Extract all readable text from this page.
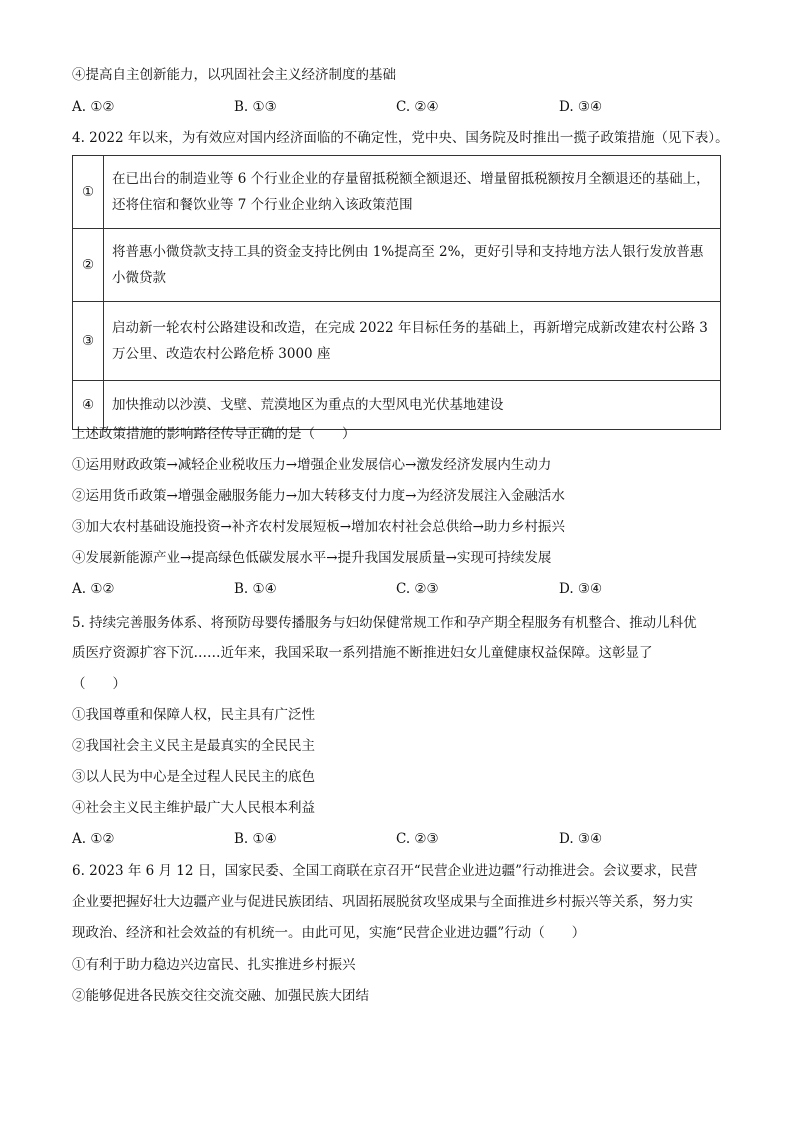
④提高自主创新能力，以巩固社会主义经济制度的基础
A. ①②	B. ①③	C. ②④	D. ③④
4. 2022 年以来，为有效应对国内经济面临的不确定性，党中央、国务院及时推出一揽子政策措施（见下表）。
①	在已出台的制造业等 6 个行业企业的存量留抵税额全额退还、增量留抵税额按月全额退还的基础上，还将住宿和餐饮业等 7 个行业企业纳入该政策范围
②	将普惠小微贷款支持工具的资金支持比例由 1%提高至 2%，更好引导和支持地方法人银行发放普惠小微贷款
③	启动新一轮农村公路建设和改造，在完成 2022 年目标任务的基础上，再新增完成新改建农村公路 3 万公里、改造农村公路危桥 3000 座
④	加快推动以沙漠、戈壁、荒漠地区为重点的大型风电光伏基地建设
上述政策措施的影响路径传导正确的是（　　）
①运用财政政策→减轻企业税收压力→增强企业发展信心→激发经济发展内生动力
②运用货币政策→增强金融服务能力→加大转移支付力度→为经济发展注入金融活水
③加大农村基础设施投资→补齐农村发展短板→增加农村社会总供给→助力乡村振兴
④发展新能源产业→提高绿色低碳发展水平→提升我国发展质量→实现可持续发展
A. ①②	B. ①④	C. ②③	D. ③④
5. 持续完善服务体系、将预防母婴传播服务与妇幼保健常规工作和孕产期全程服务有机整合、推动儿科优
质医疗资源扩容下沉……近年来，我国采取一系列措施不断推进妇女儿童健康权益保障。这彰显了
（　　）
①我国尊重和保障人权，民主具有广泛性
②我国社会主义民主是最真实的全民民主
③以人民为中心是全过程人民民主的底色
④社会主义民主维护最广大人民根本利益
A. ①②	B. ①④	C. ②③	D. ③④
6. 2023 年 6 月 12 日，国家民委、全国工商联在京召开“民营企业进边疆”行动推进会。会议要求，民营
企业要把握好壮大边疆产业与促进民族团结、巩固拓展脱贫攻坚成果与全面推进乡村振兴等关系，努力实
现政治、经济和社会效益的有机统一。由此可见，实施“民营企业进边疆”行动（　　）
①有利于助力稳边兴边富民、扎实推进乡村振兴
②能够促进各民族交往交流交融、加强民族大团结
